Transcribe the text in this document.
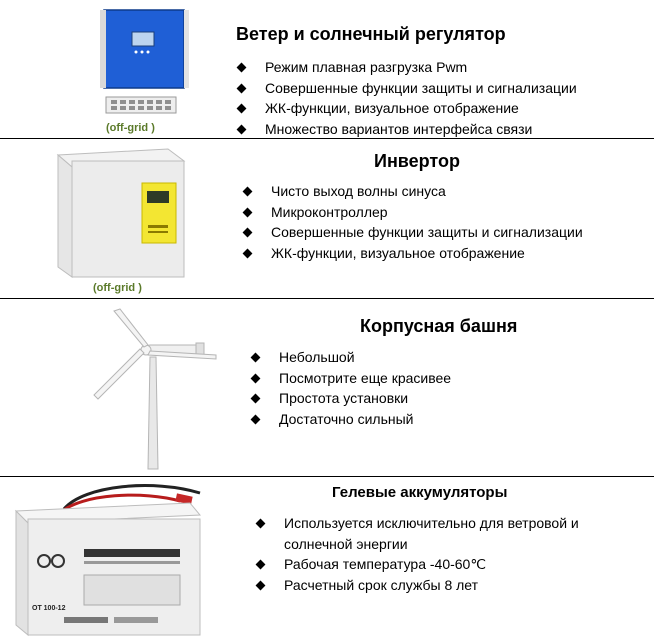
(off-grid )
Ветер и солнечный регулятор
Режим плавная разгрузка Pwm
Совершенные функции защиты и сигнализации
ЖК-функции, визуальное отображение
Множество вариантов интерфейса связи
(off-grid )
Инвертор
Чисто выход волны синуса
Микроконтроллер
Совершенные функции защиты и сигнализации
ЖК-функции, визуальное отображение
Корпусная башня
Небольшой
Посмотрите еще красивее
Простота установки
Достаточно сильный
OT 100-12
Гелевые аккумуляторы
Используется исключительно для ветровой и
солнечной энергии
Рабочая температура -40-60℃
Расчетный срок службы 8 лет
